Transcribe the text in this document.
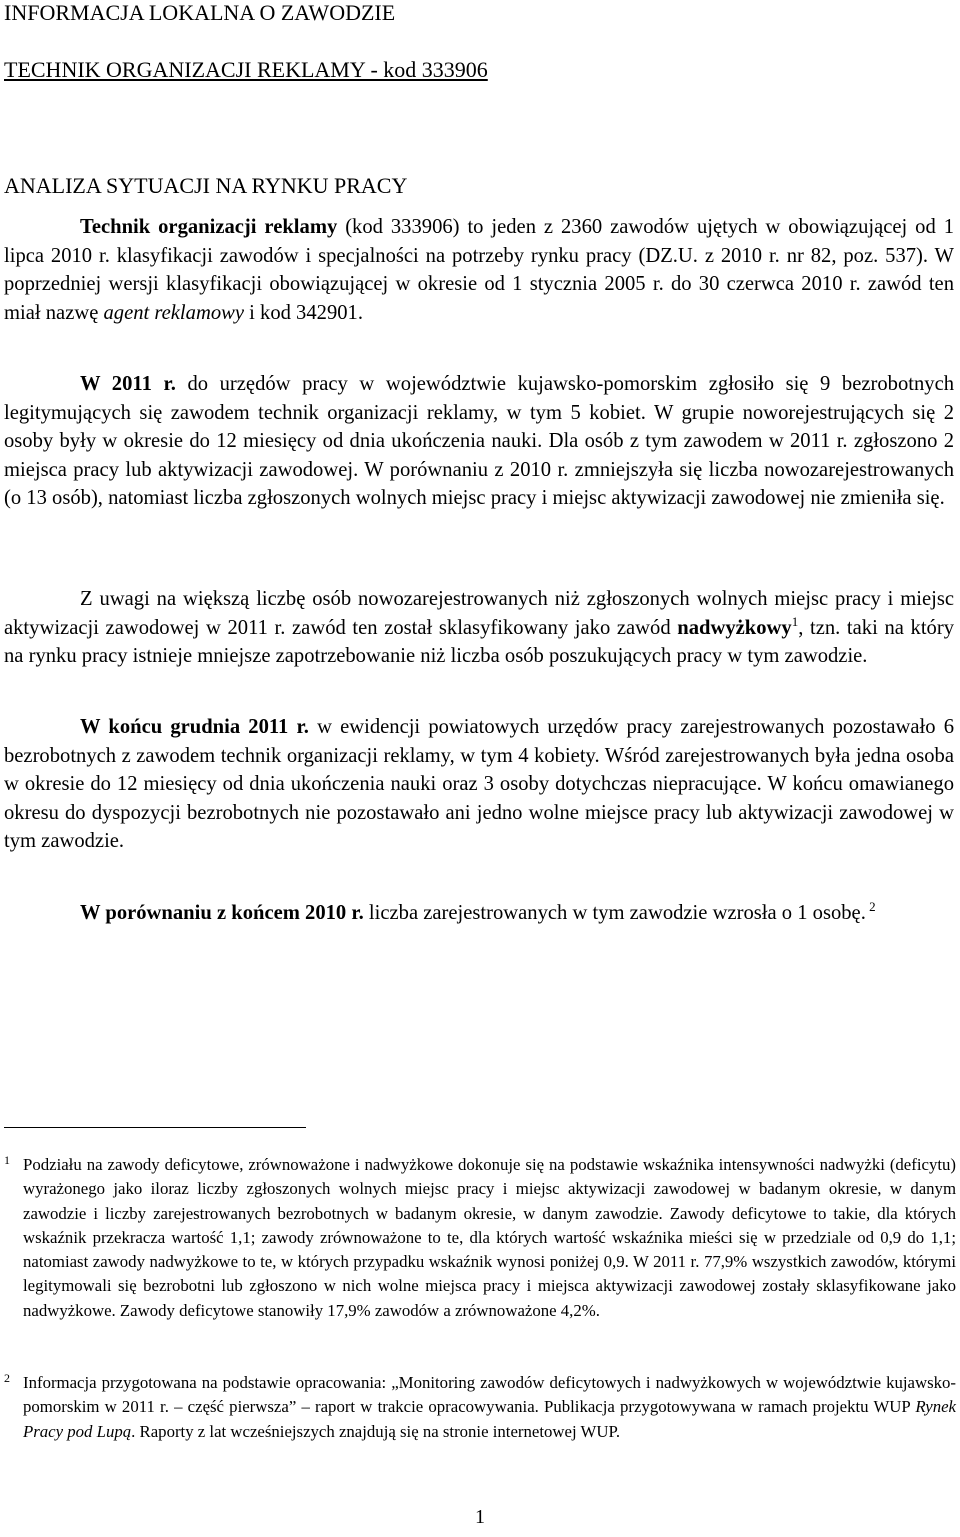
INFORMACJA LOKALNA O ZAWODZIE
TECHNIK ORGANIZACJI REKLAMY - kod 333906
ANALIZA SYTUACJI NA RYNKU PRACY

Technik organizacji reklamy (kod 333906) to jeden z 2360 zawodów ujętych w obowiązującej od 1 lipca 2010 r. klasyfikacji zawodów i specjalności na potrzeby rynku pracy (DZ.U. z 2010 r. nr 82, poz. 537). W poprzedniej wersji klasyfikacji obowiązującej w okresie od 1 stycznia 2005 r. do 30 czerwca 2010 r. zawód ten miał nazwę agent reklamowy i kod 342901.

W 2011 r. do urzędów pracy w województwie kujawsko-pomorskim zgłosiło się 9 bezrobotnych legitymujących się zawodem technik organizacji reklamy, w tym 5 kobiet. W grupie noworejestrujących się 2 osoby były w okresie do 12 miesięcy od dnia ukończenia nauki. Dla osób z tym zawodem w 2011 r. zgłoszono 2 miejsca pracy lub aktywizacji zawodowej. W porównaniu z 2010 r. zmniejszyła się liczba nowozarejestrowanych (o 13 osób), natomiast liczba zgłoszonych wolnych miejsc pracy i miejsc aktywizacji zawodowej nie zmieniła się.

Z uwagi na większą liczbę osób nowozarejestrowanych niż zgłoszonych wolnych miejsc pracy i miejsc aktywizacji zawodowej w 2011 r. zawód ten został sklasyfikowany jako zawód nadwyżkowy$^1$, tzn. taki na który na rynku pracy istnieje mniejsze zapotrzebowanie niż liczba osób poszukujących pracy w tym zawodzie.

W końcu grudnia 2011 r. w ewidencji powiatowych urzędów pracy zarejestrowanych pozostawało 6 bezrobotnych z zawodem technik organizacji reklamy, w tym 4 kobiety. Wśród zarejestrowanych była jedna osoba w okresie do 12 miesięcy od dnia ukończenia nauki oraz 3 osoby dotychczas niepracujące. W końcu omawianego okresu do dyspozycji bezrobotnych nie pozostawało ani jedno wolne miejsce pracy lub aktywizacji zawodowej w tym zawodzie.

W porównaniu z końcem 2010 r. liczba zarejestrowanych w tym zawodzie wzrosła o 1 osobę. $^2$

1 Podziału na zawody deficytowe, zrównoważone i nadwyżkowe dokonuje się na podstawie wskaźnika intensywności nadwyżki (deficytu) wyrażonego jako iloraz liczby zgłoszonych wolnych miejsc pracy i miejsc aktywizacji zawodowej w badanym okresie, w danym zawodzie i liczby zarejestrowanych bezrobotnych w badanym okresie, w danym zawodzie. Zawody deficytowe to takie, dla których wskaźnik przekracza wartość 1,1; zawody zrównoważone to te, dla których wartość wskaźnika mieści się w przedziale od 0,9 do 1,1; natomiast zawody nadwyżkowe to te, w których przypadku wskaźnik wynosi poniżej 0,9. W 2011 r. 77,9% wszystkich zawodów, którymi legitymowali się bezrobotni lub zgłoszono w nich wolne miejsca pracy i miejsca aktywizacji zawodowej zostały sklasyfikowane jako nadwyżkowe. Zawody deficytowe stanowiły 17,9% zawodów a zrównoważone 4,2%.
2 Informacja przygotowana na podstawie opracowania: „Monitoring zawodów deficytowych i nadwyżkowych w województwie kujawsko-pomorskim w 2011 r. – część pierwsza” – raport w trakcie opracowywania. Publikacja przygotowywana w ramach projektu WUP Rynek Pracy pod Lupą. Raporty z lat wcześniejszych znajdują się na stronie internetowej WUP.
1
